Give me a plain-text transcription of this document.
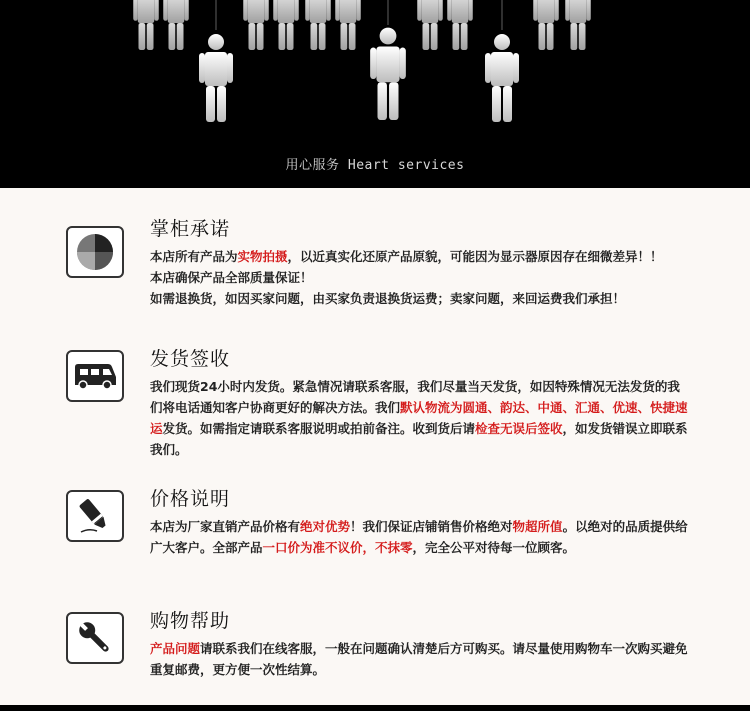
用心服务 Heart services
掌柜承诺

本店所有产品为实物拍摄，以近真实化还原产品原貌，可能因为显示器原因存在细微差异！！

本店确保产品全部质量保证！

如需退换货，如因买家问题，由买家负责退换货运费；卖家问题，来回运费我们承担！

发货签收

我们现货24小时内发货。紧急情况请联系客服，我们尽量当天发货，如因特殊情况无法发货的我们将电话通知客户协商更好的解决方法。我们默认物流为圆通、韵达、中通、汇通、优速、快捷速运发货。如需指定请联系客服说明或拍前备注。收到货后请检查无误后签收，如发货错误立即联系我们。

价格说明

本店为厂家直销产品价格有绝对优势！我们保证店铺销售价格绝对物超所值。以绝对的品质提供给广大客户。全部产品一口价为准不议价，不抹零，完全公平对待每一位顾客。

购物帮助

产品问题请联系我们在线客服，一般在问题确认清楚后方可购买。请尽量使用购物车一次购买避免重复邮费，更方便一次性结算。
